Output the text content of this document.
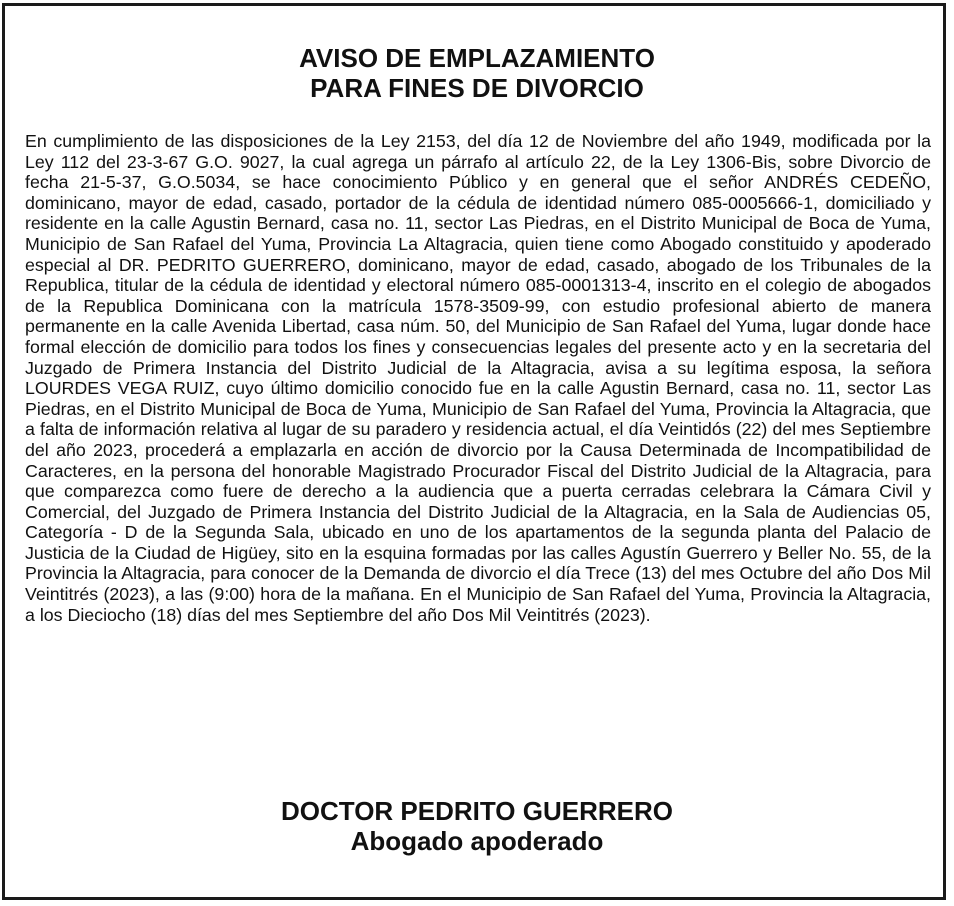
AVISO DE EMPLAZAMIENTO
PARA FINES DE DIVORCIO

En cumplimiento de las disposiciones de la Ley 2153, del día 12 de Noviembre del año 1949, modificada por la Ley 112 del 23-3-67 G.O. 9027, la cual agrega un párrafo al artículo 22, de la Ley 1306-Bis, sobre Divorcio de fecha 21-5-37, G.O.5034, se hace conocimiento Público y en general que el señor ANDRÉS CEDEÑO, dominicano, mayor de edad, casado, portador de la cédula de identidad número 085-0005666-1, domiciliado y residente en la calle Agustin Bernard, casa no. 11, sector Las Piedras, en el Distrito Municipal de Boca de Yuma, Municipio de San Rafael del Yuma, Provincia La Altagracia, quien tiene como Abogado constituido y apoderado especial al DR. PEDRITO GUERRERO, dominicano, mayor de edad, casado, abogado de los Tribunales de la Republica, titular de la cédula de identidad y electoral número 085-0001313-4, inscrito en el colegio de abogados de la Republica Dominicana con la matrícula 1578-3509-99, con estudio profesional abierto de manera permanente en la calle Avenida Libertad, casa núm. 50, del Municipio de San Rafael del Yuma, lugar donde hace formal elección de domicilio para todos los fines y consecuencias legales del presente acto y en la secretaria del Juzgado de Primera Instancia del Distrito Judicial de la Altagracia, avisa a su legítima esposa, la señora LOURDES VEGA RUIZ, cuyo último domicilio conocido fue en la calle Agustin Bernard, casa no. 11, sector Las Piedras, en el Distrito Municipal de Boca de Yuma, Municipio de San Rafael del Yuma, Provincia la Altagracia, que a falta de información relativa al lugar de su paradero y residencia actual, el día Veintidós (22) del mes Septiembre del año 2023, procederá a emplazarla en acción de divorcio por la Causa Determinada de Incompatibilidad de Caracteres, en la persona del honorable Magistrado Procurador Fiscal del Distrito Judicial de la Altagracia, para que comparezca como fuere de derecho a la audiencia que a puerta cerradas celebrara la Cámara Civil y Comercial, del Juzgado de Primera Instancia del Distrito Judicial de la Altagracia, en la Sala de Audiencias 05, Categoría - D de la Segunda Sala, ubicado en uno de los apartamentos de la segunda planta del Palacio de Justicia de la Ciudad de Higüey, sito en la esquina formadas por las calles Agustín Guerrero y Beller No. 55, de la Provincia la Altagracia, para conocer de la Demanda de divorcio el día Trece (13) del mes Octubre del año Dos Mil Veintitrés (2023), a las (9:00) hora de la mañana. En el Municipio de San Rafael del Yuma, Provincia la Altagracia, a los Dieciocho (18) días del mes Septiembre del año Dos Mil Veintitrés (2023).

DOCTOR PEDRITO GUERRERO
Abogado apoderado
